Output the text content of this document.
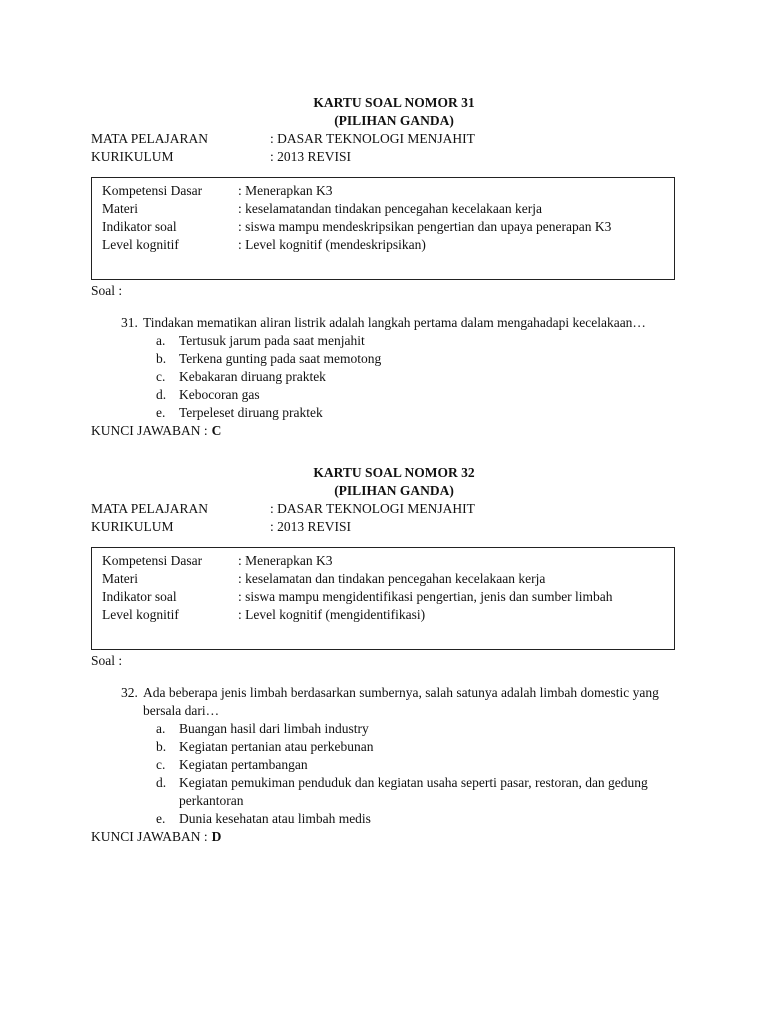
KARTU SOAL NOMOR 31
(PILIHAN GANDA)
MATA PELAJARAN	: DASAR TEKNOLOGI MENJAHIT
KURIKULUM	: 2013 REVISI
Kompetensi Dasar	: Menerapkan K3
Materi	: keselamatandan tindakan pencegahan kecelakaan kerja
Indikator soal	: siswa mampu mendeskripsikan pengertian dan upaya penerapan K3
Level kognitif	: Level kognitif (mendeskripsikan)
Soal :
31. Tindakan mematikan aliran listrik adalah langkah pertama dalam mengahadapi kecelakaan…
a. Tertusuk jarum pada saat menjahit
b. Terkena gunting pada saat memotong
c. Kebakaran diruang praktek
d. Kebocoran gas
e. Terpeleset diruang praktek
KUNCI JAWABAN : C
KARTU SOAL NOMOR 32
(PILIHAN GANDA)
MATA PELAJARAN	: DASAR TEKNOLOGI MENJAHIT
KURIKULUM	: 2013 REVISI
Kompetensi Dasar	: Menerapkan K3
Materi	: keselamatan dan tindakan pencegahan kecelakaan kerja
Indikator soal	: siswa mampu mengidentifikasi pengertian, jenis dan sumber limbah
Level kognitif	: Level kognitif (mengidentifikasi)
Soal :
32. Ada beberapa jenis limbah berdasarkan sumbernya, salah satunya adalah limbah domestic yang bersala dari…
a. Buangan hasil dari limbah industry
b. Kegiatan pertanian atau perkebunan
c. Kegiatan pertambangan
d. Kegiatan pemukiman penduduk dan kegiatan usaha seperti pasar, restoran, dan gedung perkantoran
e. Dunia kesehatan atau limbah medis
KUNCI JAWABAN : D
